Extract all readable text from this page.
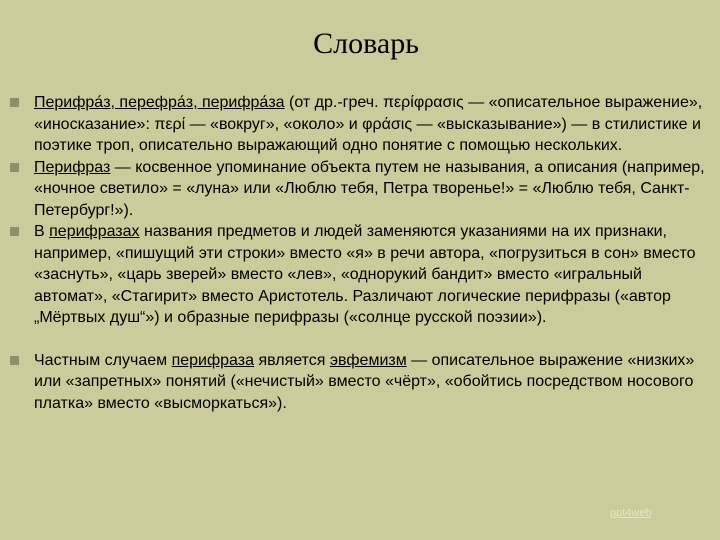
Словарь
Перифра́з, перефра́з, перифра́за (от др.-греч. περίφρασις — «описательное выражение», «иносказание»: περί — «вокруг», «около» и φράσις — «высказывание») — в стилистике и поэтике троп, описательно выражающий одно понятие с помощью нескольких.
Перифраз — косвенное упоминание объекта путем не называния, а описания (например, «ночное светило» = «луна» или «Люблю тебя, Петра творенье!» = «Люблю тебя, Санкт-Петербург!»).
В перифразах названия предметов и людей заменяются указаниями на их признаки, например, «пишущий эти строки» вместо «я» в речи автора, «погрузиться в сон» вместо «заснуть», «царь зверей» вместо «лев», «однорукий бандит» вместо «игральный автомат», «Стагирит» вместо Аристотель. Различают логические перифразы («автор „Мёртвых душ“») и образные перифразы («солнце русской поэзии»).
Частным случаем перифраза является эвфемизм — описательное выражение «низких» или «запретных» понятий («нечистый» вместо «чёрт», «обойтись посредством носового платка» вместо «высморкаться»).
ppt4web
